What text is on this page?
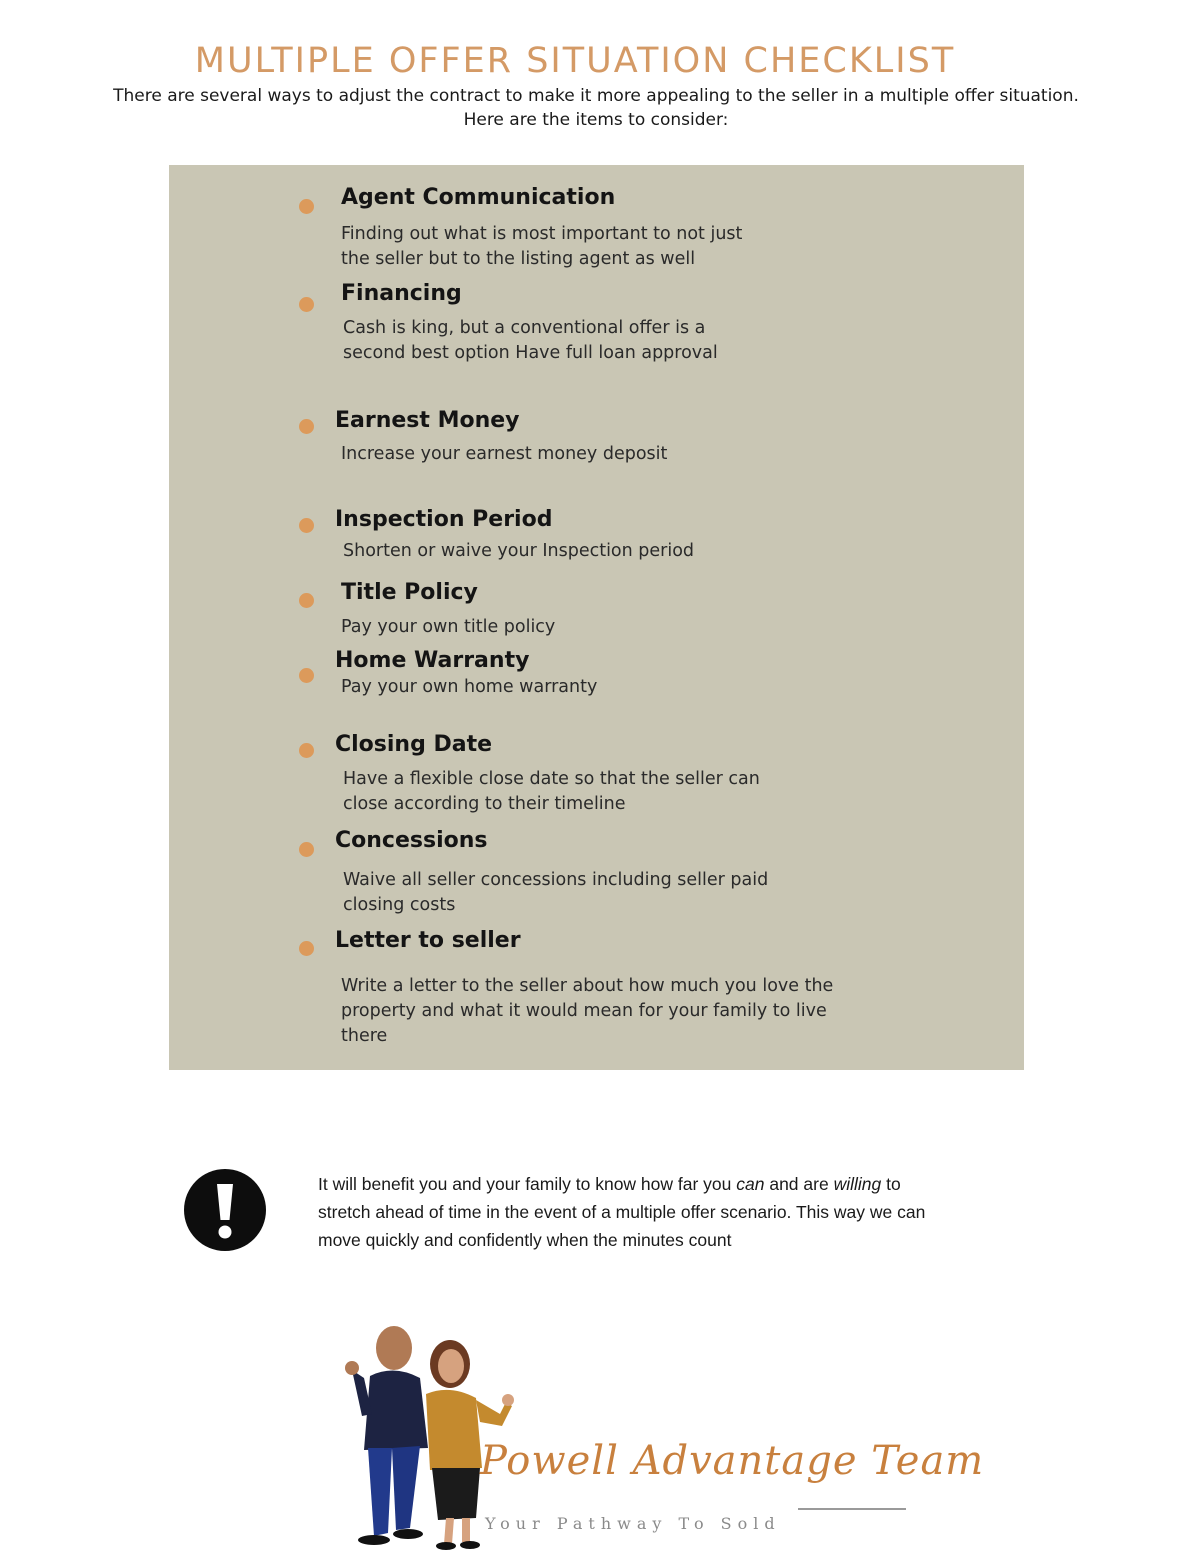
MULTIPLE OFFER SITUATION CHECKLIST
There are several ways to adjust the contract to make it more appealing to the seller in a multiple offer situation.
Here are the items to consider:
Agent Communication
Finding out what is most important to not just
the seller but to the listing agent as well
Financing
Cash is king, but a conventional offer is a
second best option Have full loan approval
Earnest Money
Increase your earnest money deposit
Inspection Period
Shorten or waive your Inspection period
Title Policy
Pay your own title policy
Home Warranty
Pay your own home warranty
Closing Date
Have a flexible close date so that the seller can
close according to their timeline
Concessions
Waive all seller concessions including seller paid
closing costs
Letter to seller
Write a letter to the seller about how much you love the
property and what it would mean for your family to live
there

It will benefit you and your family to know how far you can and are willing to stretch ahead of time in the event of a multiple offer scenario. This way we can move quickly and confidently when the minutes count

Powell Advantage Team
Your Pathway To Sold
